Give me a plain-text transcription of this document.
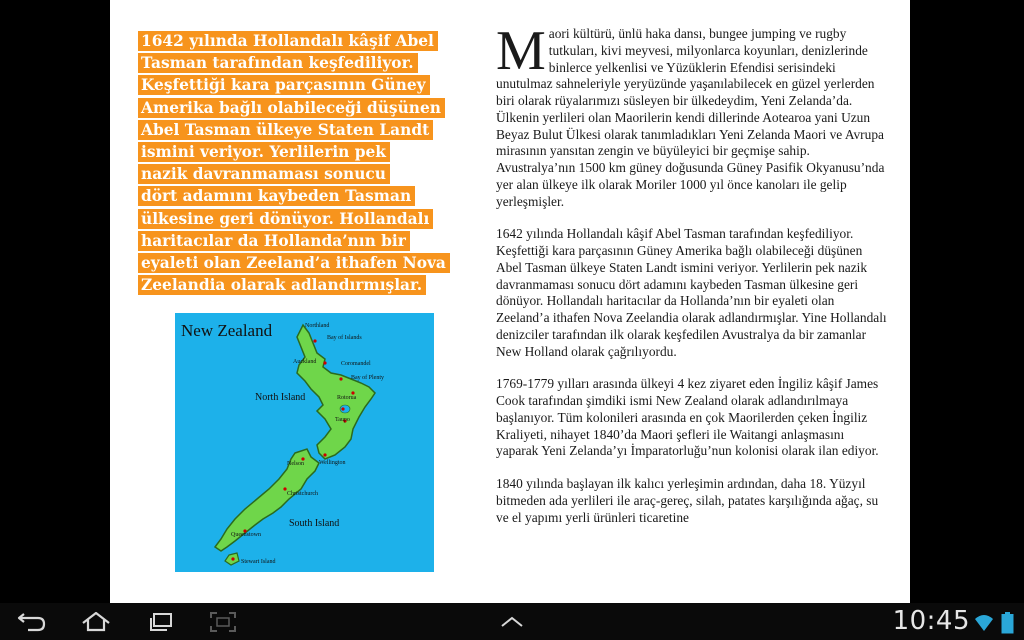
1642 yılında Hollandalı kâşif Abel
Tasman tarafından keşfediliyor.
Keşfettiği kara parçasının Güney
Amerika bağlı olabileceği düşünen
Abel Tasman ülkeye Staten Landt
ismini veriyor. Yerlilerin pek
nazik davranmaması sonucu
dört adamını kaybeden Tasman
ülkesine geri dönüyor. Hollandalı
haritacılar da Hollanda’nın bir
eyaleti olan Zeeland’a ithafen Nova
Zeelandia olarak adlandırmışlar.
New Zealand
North Island
South Island
Northland
Bay of Islands
Auckland	Coromandel
Bay of Plenty
Rotorua
Taupo
Nelson	Wellington
Christchurch
Queenstown
Stewart Island

Maori kültürü, ünlü haka dansı, bungee jumping ve rugby tutkuları, kivi meyvesi, milyonlarca koyunları, denizlerinde binlerce yelkenlisi ve Yüzüklerin Efendisi serisindeki unutulmaz sahneleriyle yeryüzünde yaşanılabilecek en güzel yerlerden biri olarak rüyalarımızı süsleyen bir ülkedeydim, Yeni Zelanda’da. Ülkenin yerlileri olan Maorilerin kendi dillerinde Aotearoa yani Uzun Beyaz Bulut Ülkesi olarak tanımladıkları Yeni Zelanda Maori ve Avrupa mirasının yansıtan zengin ve büyüleyici bir geçmişe sahip. Avustralya’nın 1500 km güney doğusunda Güney Pasifik Okyanusu’nda yer alan ülkeye ilk olarak Moriler 1000 yıl önce kanoları ile gelip yerleşmişler.

1642 yılında Hollandalı kâşif Abel Tasman tarafından keşfediliyor. Keşfettiği kara parçasının Güney Amerika bağlı olabileceği düşünen Abel Tasman ülkeye Staten Landt ismini veriyor. Yerlilerin pek nazik davranmaması sonucu dört adamını kaybeden Tasman ülkesine geri dönüyor. Hollandalı haritacılar da Hollanda’nın bir eyaleti olan Zeeland’a ithafen Nova Zeelandia olarak adlandırmışlar. Yine Hollandalı denizciler tarafından ilk olarak keşfedilen Avustralya da bir zamanlar New Holland olarak çağrılıyordu.

1769-1779 yılları arasında ülkeyi 4 kez ziyaret eden İngiliz kâşif James Cook tarafından şimdiki ismi New Zealand olarak adlandırılmaya başlanıyor. Tüm kolonileri arasında en çok Maorilerden çeken İngiliz Kraliyeti, nihayet 1840’da Maori şefleri ile Waitangi anlaşmasını yaparak Yeni Zelanda’yı İmparatorluğu’nun kolonisi olarak ilan ediyor.

1840 yılında başlayan ilk kalıcı yerleşimin ardından, daha 18. Yüzyıl bitmeden ada yerlileri ile araç-gereç, silah, patates karşılığında ağaç, su ve el yapımı yerli ürünleri ticaretine

10:45
